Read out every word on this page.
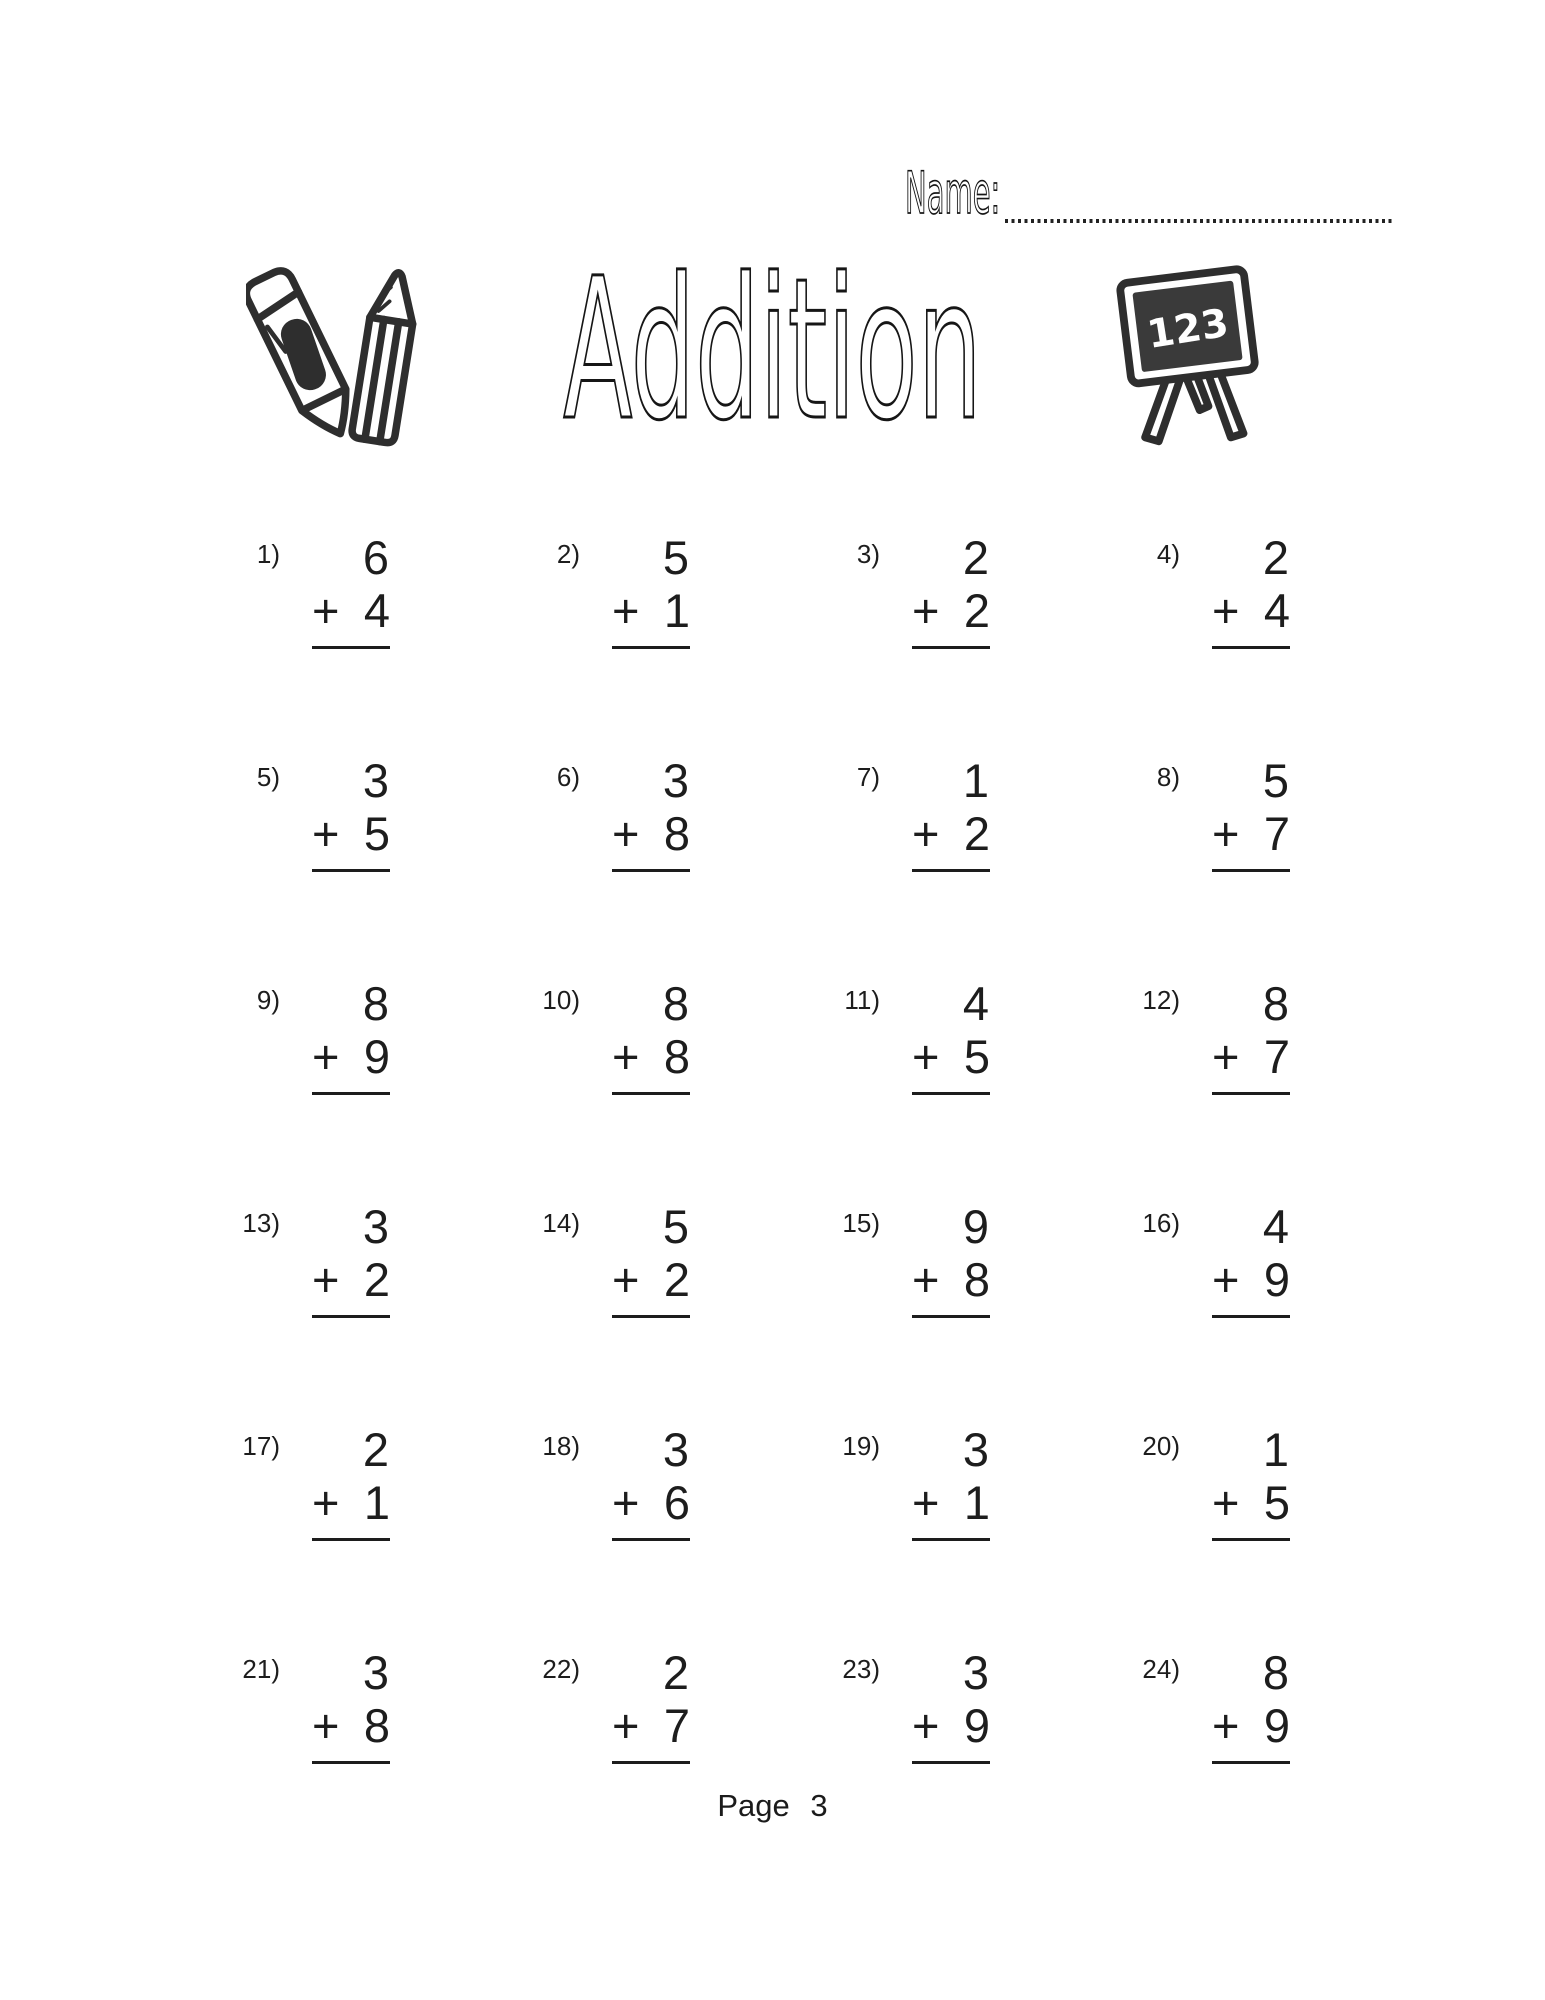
Name:
Addition	123
1)	6
+ 4
2)	5
+ 1
3)	2
+ 2
4)	2
+ 4
5)	3
+ 5
6)	3
+ 8
7)	1
+ 2
8)	5
+ 7
9)	8
+ 9
10)	8
+ 8
11)	4
+ 5
12)	8
+ 7
13)	3
+ 2
14)	5
+ 2
15)	9
+ 8
16)	4
+ 9
17)	2
+ 1
18)	3
+ 6
19)	3
+ 1
20)	1
+ 5
21)	3
+ 8
22)	2
+ 7
23)	3
+ 9
24)	8
+ 9
Page 3
